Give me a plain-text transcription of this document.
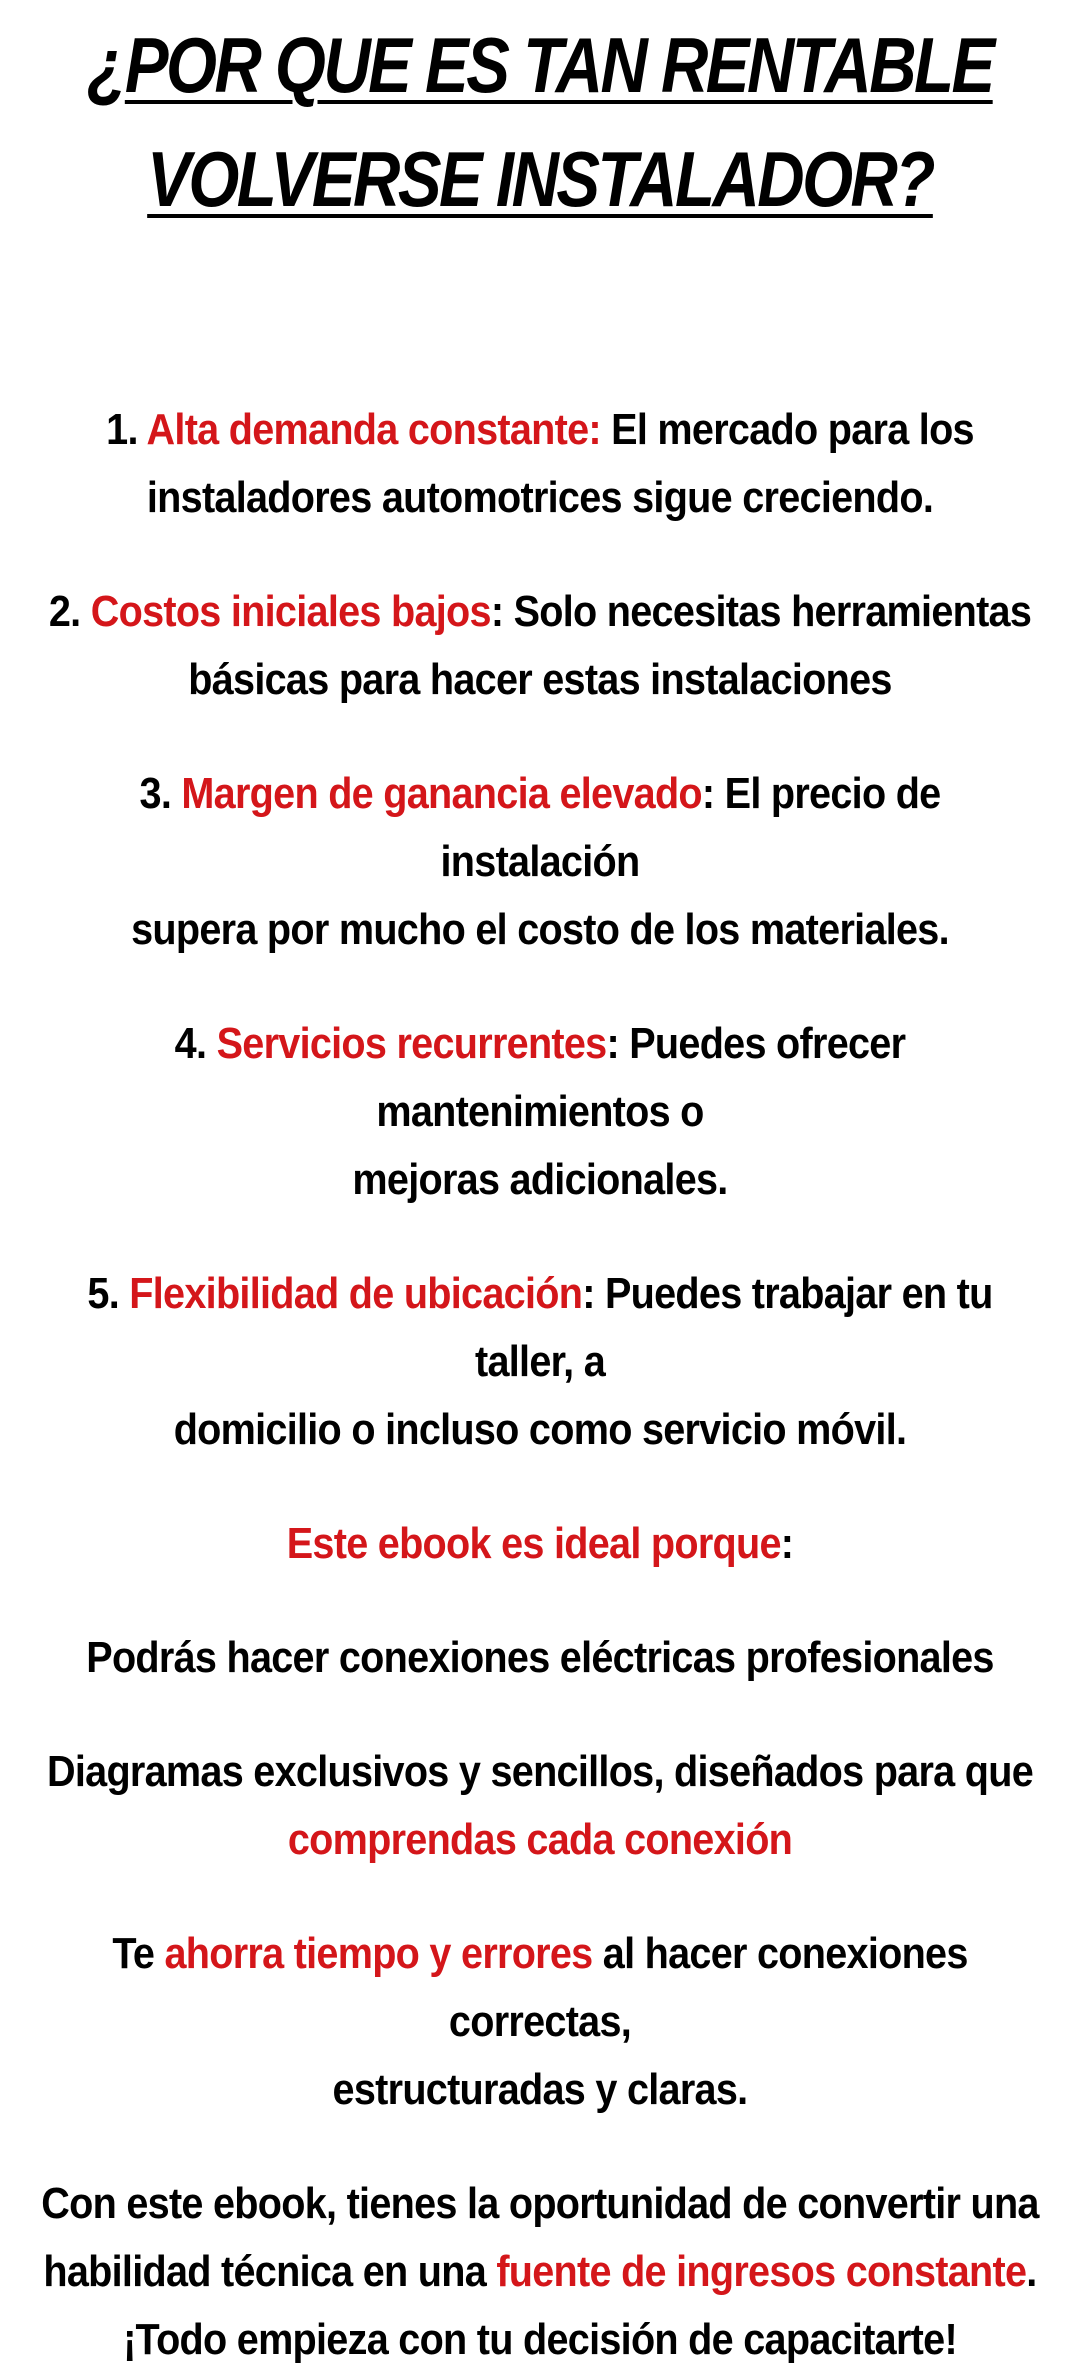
¿POR QUE ES TAN RENTABLE
VOLVERSE INSTALADOR?

1. Alta demanda constante: El mercado para los
instaladores automotrices sigue creciendo.

2. Costos iniciales bajos: Solo necesitas herramientas
básicas para hacer estas instalaciones

3. Margen de ganancia elevado: El precio de instalación
supera por mucho el costo de los materiales.

4. Servicios recurrentes: Puedes ofrecer mantenimientos o
mejoras adicionales.

5. Flexibilidad de ubicación: Puedes trabajar en tu taller, a
domicilio o incluso como servicio móvil.

Este ebook es ideal porque:

Podrás hacer conexiones eléctricas profesionales

Diagramas exclusivos y sencillos, diseñados para que
comprendas cada conexión

Te ahorra tiempo y errores al hacer conexiones correctas,
estructuradas y claras.

Con este ebook, tienes la oportunidad de convertir una
habilidad técnica en una fuente de ingresos constante.
¡Todo empieza con tu decisión de capacitarte!
